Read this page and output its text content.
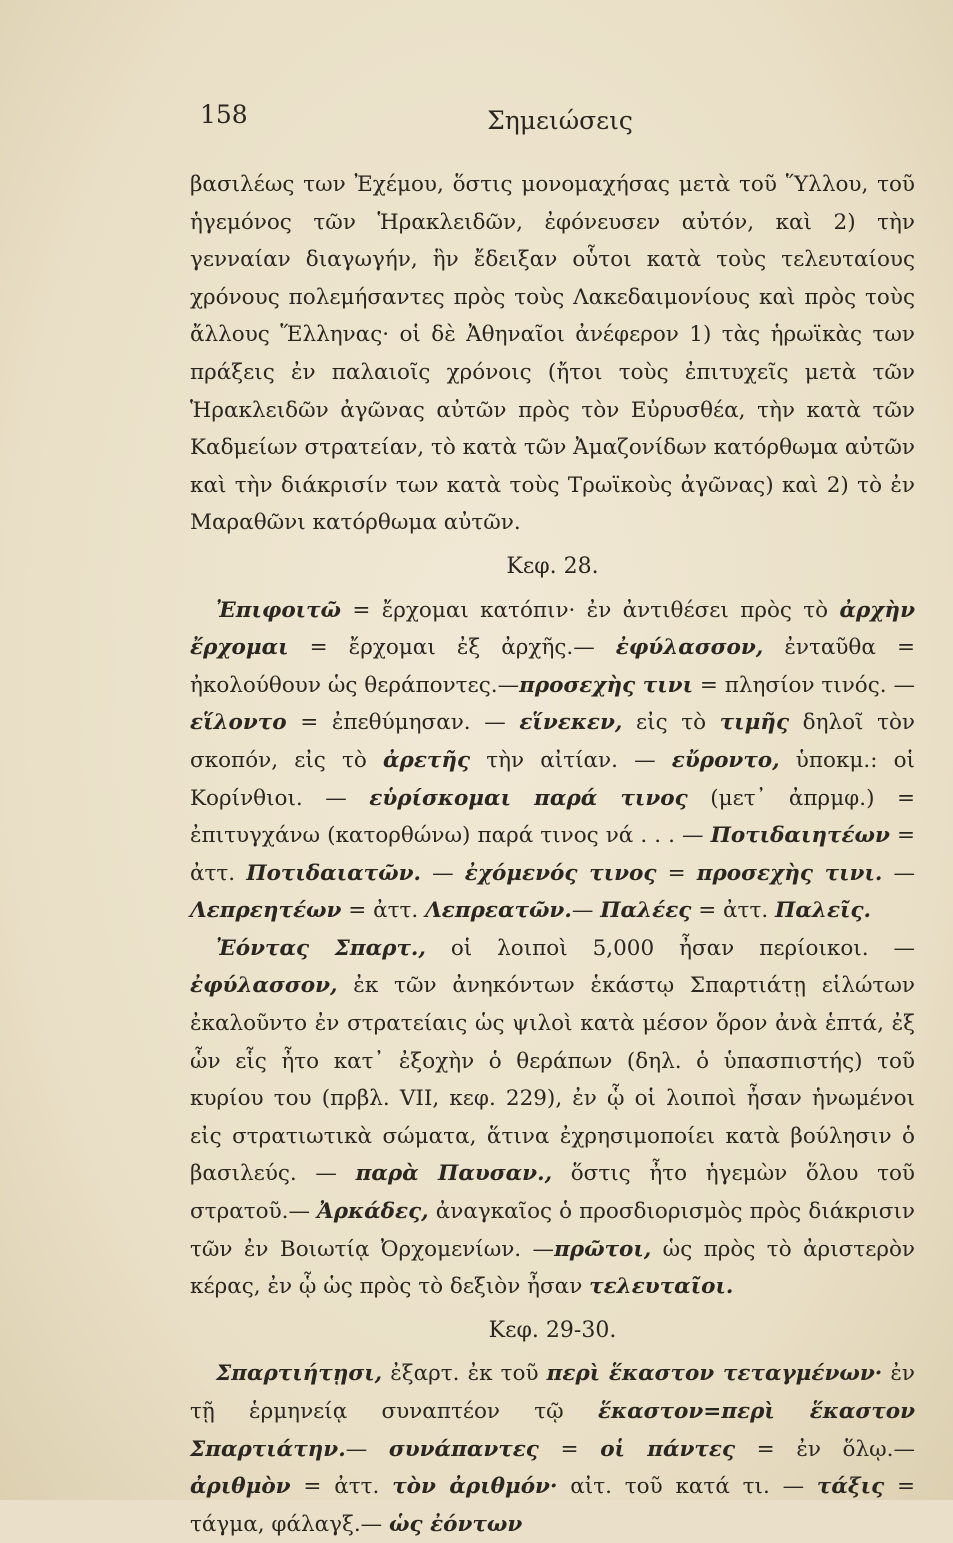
158	Σημειώσεις

βασιλέως των Ἐχέμου, ὅστις μονομαχήσας μετὰ τοῦ Ὕλλου, τοῦ ἡγεμόνος τῶν Ἡρακλειδῶν, ἐφόνευσεν αὐτόν, καὶ 2) τὴν γενναίαν διαγωγήν, ἣν ἔδειξαν οὗτοι κατὰ τοὺς τελευταίους χρόνους πολεμήσαντες πρὸς τοὺς Λακεδαιμονίους καὶ πρὸς τοὺς ἄλλους Ἕλληνας· οἱ δὲ Ἀθηναῖοι ἀνέφερον 1) τὰς ἡρωϊκὰς των πράξεις ἐν παλαιοῖς χρόνοις (ἤτοι τοὺς ἐπιτυχεῖς μετὰ τῶν Ἡρακλειδῶν ἀγῶνας αὐτῶν πρὸς τὸν Εὐρυσθέα, τὴν κατὰ τῶν Καδμείων στρατείαν, τὸ κατὰ τῶν Ἀμαζονίδων κατόρθωμα αὐτῶν καὶ τὴν διάκρισίν των κατὰ τοὺς Τρωϊκοὺς ἀγῶνας) καὶ 2) τὸ ἐν Μαραθῶνι κατόρθωμα αὐτῶν.

Κεφ. 28.

Ἐπιφοιτῶ = ἔρχομαι κατόπιν· ἐν ἀντιθέσει πρὸς τὸ ἀρχὴν ἔρχομαι = ἔρχομαι ἐξ ἀρχῆς.— ἐφύλασσον, ἐνταῦθα = ἠκολούθουν ὡς θεράποντες.—προσεχὴς τινι = πλησίον τινός. — εἵλοντο = ἐπεθύμησαν. — εἵνεκεν, εἰς τὸ τιμῆς δηλοῖ τὸν σκοπόν, εἰς τὸ ἀρετῆς τὴν αἰτίαν. — εὔροντο, ὑποκμ.: οἱ Κορίνθιοι. — εὑρίσκομαι παρά τινος (μετ᾽ ἀπρμφ.) = ἐπιτυγχάνω (κατορθώνω) παρά τινος νά . . . — Ποτιδαιητέων = ἀττ. Ποτιδαιατῶν. — ἐχόμενός τινος = προσεχὴς τινι. — Λεπρεητέων = ἀττ. Λεπρεατῶν.— Παλέες = ἀττ. Παλεῖς.

Ἐόντας Σπαρτ., οἱ λοιποὶ 5,000 ἦσαν περίοικοι. — ἐφύλασσον, ἐκ τῶν ἀνηκόντων ἑκάστῳ Σπαρτιάτῃ εἱλώτων ἐκαλοῦντο ἐν στρατείαις ὡς ψιλοὶ κατὰ μέσον ὅρον ἀνὰ ἑπτά, ἐξ ὧν εἷς ἦτο κατ᾽ ἐξοχὴν ὁ θεράπων (δηλ. ὁ ὑπασπιστής) τοῦ κυρίου του (πρβλ. VII, κεφ. 229), ἐν ᾧ οἱ λοιποὶ ἦσαν ἡνωμένοι εἰς στρατιωτικὰ σώματα, ἅτινα ἐχρησιμοποίει κατὰ βούλησιν ὁ βασιλεύς. — παρὰ Παυσαν., ὅστις ἦτο ἡγεμὼν ὅλου τοῦ στρατοῦ.— Ἀρκάδες, ἀναγκαῖος ὁ προσδιορισμὸς πρὸς διάκρισιν τῶν ἐν Βοιωτίᾳ Ὀρχομενίων. —πρῶτοι, ὡς πρὸς τὸ ἀριστερὸν κέρας, ἐν ᾧ ὡς πρὸς τὸ δεξιὸν ἦσαν τελευταῖοι.

Κεφ. 29-30.

Σπαρτιήτῃσι, ἐξαρτ. ἐκ τοῦ περὶ ἕκαστον τεταγμένων· ἐν τῇ ἑρμηνείᾳ συναπτέον τῷ ἕκαστον=περὶ ἕκαστον Σπαρτιάτην.— συνάπαντες = οἱ πάντες = ἐν ὅλῳ.— ἀριθμὸν = ἀττ. τὸν ἀριθμόν· αἰτ. τοῦ κατά τι. — τάξις = τάγμα, φάλαγξ.— ὡς ἐόντων
